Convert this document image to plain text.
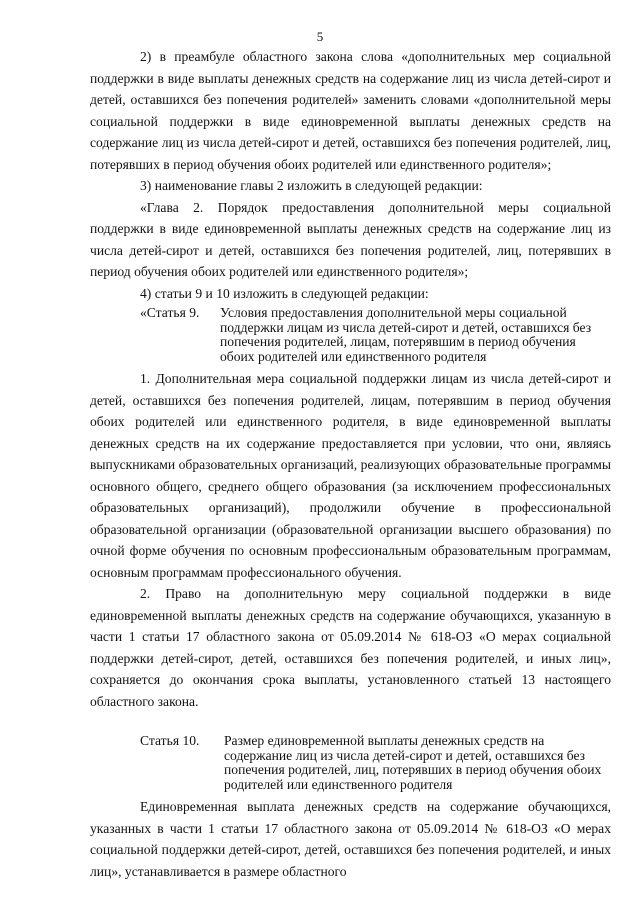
5

2) в преамбуле областного закона слова «дополнительных мер социальной поддержки в виде выплаты денежных средств на содержание лиц из числа детей-сирот и детей, оставшихся без попечения родителей» заменить словами «дополнительной меры социальной поддержки в виде единовременной выплаты денежных средств на содержание лиц из числа детей-сирот и детей, оставшихся без попечения родителей, лиц, потерявших в период обучения обоих родителей или единственного родителя»;

3) наименование главы 2 изложить в следующей редакции:

«Глава 2. Порядок предоставления дополнительной меры социальной поддержки в виде единовременной выплаты денежных средств на содержание лиц из числа детей-сирот и детей, оставшихся без попечения родителей, лиц, потерявших в период обучения обоих родителей или единственного родителя»;

4) статьи 9 и 10 изложить в следующей редакции:

«Статья 9.	Условия предоставления дополнительной меры социальной поддержки лицам из числа детей-сирот и детей, оставшихся без попечения родителей, лицам, потерявшим в период обучения обоих родителей или единственного родителя

1. Дополнительная мера социальной поддержки лицам из числа детей-сирот и детей, оставшихся без попечения родителей, лицам, потерявшим в период обучения обоих родителей или единственного родителя, в виде единовременной выплаты денежных средств на их содержание предоставляется при условии, что они, являясь выпускниками образовательных организаций, реализующих образовательные программы основного общего, среднего общего образования (за исключением профессиональных образовательных организаций), продолжили обучение в профессиональной образовательной организации (образовательной организации высшего образования) по очной форме обучения по основным профессиональным образовательным программам, основным программам профессионального обучения.

2. Право на дополнительную меру социальной поддержки в виде единовременной выплаты денежных средств на содержание обучающихся, указанную в части 1 статьи 17 областного закона от 05.09.2014 № 618-ОЗ «О мерах социальной поддержки детей-сирот, детей, оставшихся без попечения родителей, и иных лиц», сохраняется до окончания срока выплаты, установленного статьей 13 настоящего областного закона.

Статья 10.	Размер единовременной выплаты денежных средств на содержание лиц из числа детей-сирот и детей, оставшихся без попечения родителей, лиц, потерявших в период обучения обоих родителей или единственного родителя

Единовременная выплата денежных средств на содержание обучающихся, указанных в части 1 статьи 17 областного закона от 05.09.2014 № 618-ОЗ «О мерах социальной поддержки детей-сирот, детей, оставшихся без попечения родителей, и иных лиц», устанавливается в размере областного
